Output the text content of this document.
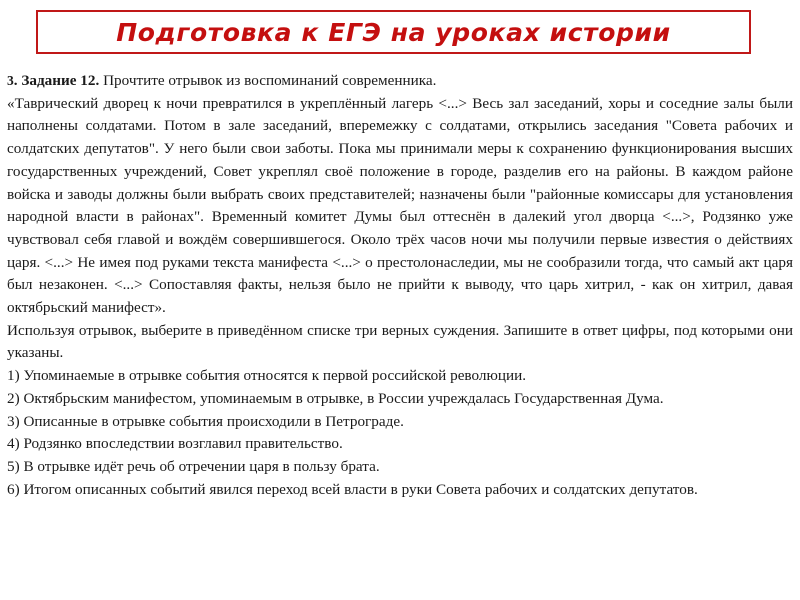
Подготовка к ЕГЭ на уроках истории

3. Задание 12. Прочтите отрывок из воспоминаний современника.

«Таврический дворец к ночи превратился в укреплённый лагерь <...> Весь зал заседаний, хоры и соседние залы были наполнены солдатами. Потом в зале заседаний, вперемежку с солдатами, открылись заседания "Совета рабочих и солдатских депутатов". У него были свои заботы. Пока мы принимали меры к сохранению функционирования высших государственных учреждений, Совет укреплял своё положение в городе, разделив его на районы. В каждом районе войска и заводы должны были выбрать своих представителей; назначены были "районные комиссары для установления народной власти в районах". Временный комитет Думы был оттеснён в далекий угол дворца <...>, Родзянко уже чувствовал себя главой и вождём совершившегося. Около трёх часов ночи мы получили первые известия о действиях царя. <...> Не имея под руками текста манифеста <...> о престолонаследии, мы не сообразили тогда, что самый акт царя был незаконен. <...> Сопоставляя факты, нельзя было не прийти к выводу, что царь хитрил, - как он хитрил, давая октябрьский манифест».

Используя отрывок, выберите в приведённом списке три верных суждения. Запишите в ответ цифры, под которыми они указаны.

1) Упоминаемые в отрывке события относятся к первой российской революции.

2) Октябрьским манифестом, упоминаемым в отрывке, в России учреждалась Государственная Дума.

3) Описанные в отрывке события происходили в Петрограде.

4) Родзянко впоследствии возглавил правительство.

5) В отрывке идёт речь об отречении царя в пользу брата.

6) Итогом описанных событий явился переход всей власти в руки Совета рабочих и солдатских депутатов.
